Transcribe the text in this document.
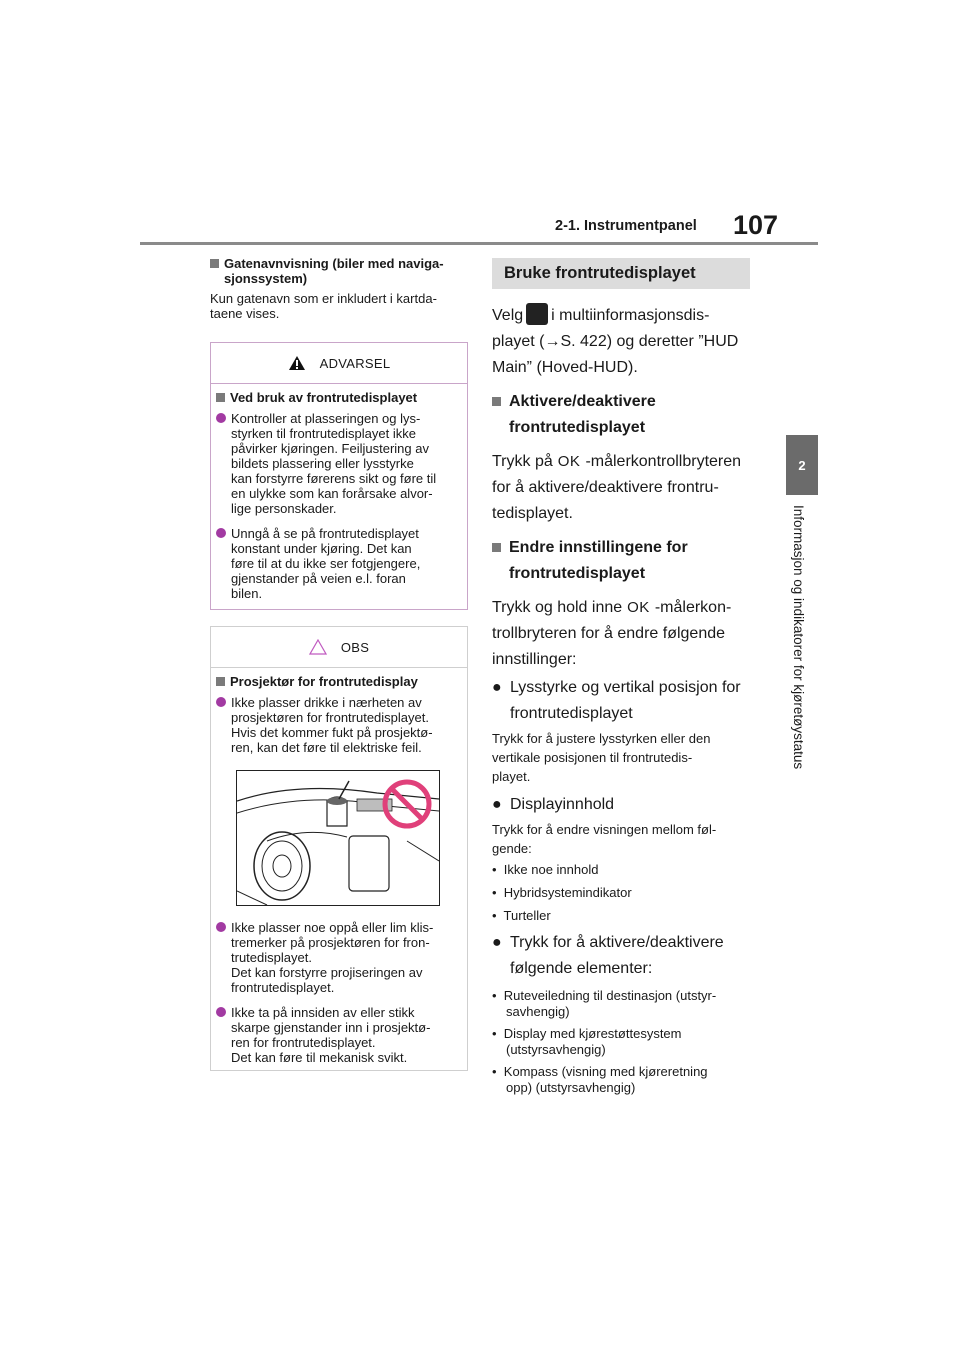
2-1. Instrumentpanel 107
2
Informasjon og indikatorer for kjøretøystatus
Gatenavnvisning (biler med naviga-
sjonssystem)
Kun gatenavn som er inkludert i kartda-
taene vises.
ADVARSEL
Ved bruk av frontrutedisplayet
Kontroller at plasseringen og lys-
styrken til frontrutedisplayet ikke
påvirker kjøringen. Feiljustering av
bildets plassering eller lysstyrke
kan forstyrre førerens sikt og føre til
en ulykke som kan forårsake alvor-
lige personskader.
Unngå å se på frontrutedisplayet
konstant under kjøring. Det kan
føre til at du ikke ser fotgjengere,
gjenstander på veien e.l. foran
bilen.
OBS
Prosjektør for frontrutedisplay
Ikke plasser drikke i nærheten av
prosjektøren for frontrutedisplayet.
Hvis det kommer fukt på prosjektø-
ren, kan det føre til elektriske feil.
Ikke plasser noe oppå eller lim klis-
tremerker på prosjektøren for fron-
trutedisplayet.
Det kan forstyrre projiseringen av
frontrutedisplayet.
Ikke ta på innsiden av eller stikk
skarpe gjenstander inn i prosjektø-
ren for frontrutedisplayet.
Det kan føre til mekanisk svikt.
Bruke frontrutedisplayet
Velg i multiinformasjonsdis-
playet (→S. 422) og deretter ”HUD
Main” (Hoved-HUD).
Aktivere/deaktivere
frontrutedisplayet
Trykk på OK -målerkontrollbryteren
for å aktivere/deaktivere frontru-
tedisplayet.
Endre innstillingene for
frontrutedisplayet
Trykk og hold inne OK -målerkon-
trollbryteren for å endre følgende
innstillinger:
● Lysstyrke og vertikal posisjon for
frontrutedisplayet
Trykk for å justere lysstyrken eller den
vertikale posisjonen til frontrutedis-
playet.
● Displayinnhold
Trykk for å endre visningen mellom føl-
gende:
•  Ikke noe innhold
•  Hybridsystemindikator
•  Turteller
● Trykk for å aktivere/deaktivere
følgende elementer:
•  Ruteveiledning til destinasjon (utstyr-
savhengig)
•  Display med kjørestøttesystem
(utstyrsavhengig)
•  Kompass (visning med kjøreretning
opp) (utstyrsavhengig)
